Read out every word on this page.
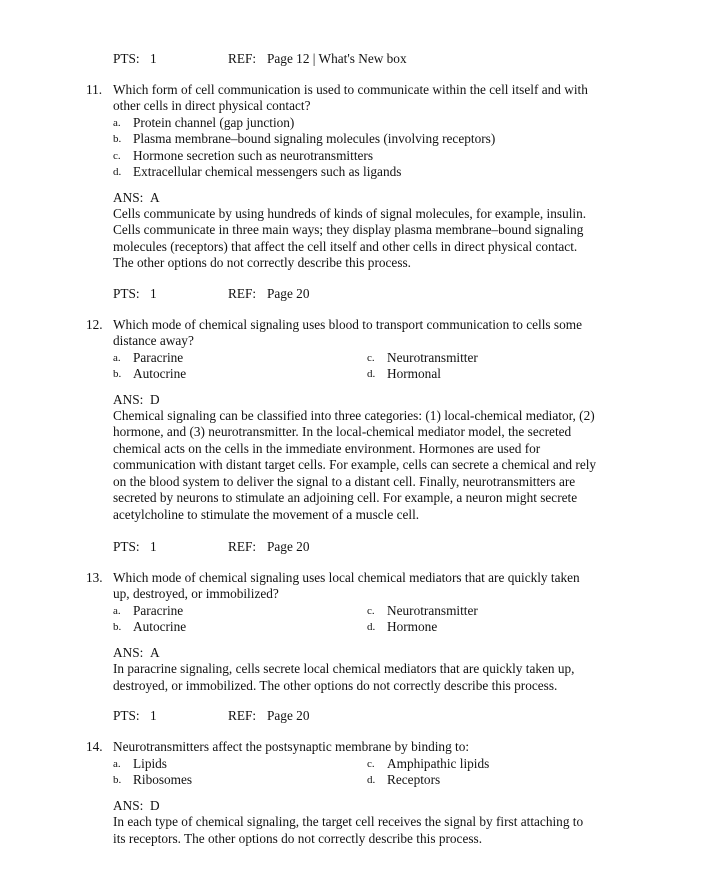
PTS: 1	REF: Page 12 | What's New box
11. Which form of cell communication is used to communicate within the cell itself and with
other cells in direct physical contact?
a. Protein channel (gap junction)
b. Plasma membrane–bound signaling molecules (involving receptors)
c. Hormone secretion such as neurotransmitters
d. Extracellular chemical messengers such as ligands
ANS: A
Cells communicate by using hundreds of kinds of signal molecules, for example, insulin.
Cells communicate in three main ways; they display plasma membrane–bound signaling
molecules (receptors) that affect the cell itself and other cells in direct physical contact.
The other options do not correctly describe this process.
PTS: 1	REF: Page 20
12. Which mode of chemical signaling uses blood to transport communication to cells some
distance away?
a. Paracrine	c. Neurotransmitter
b. Autocrine	d. Hormonal
ANS: D
Chemical signaling can be classified into three categories: (1) local-chemical mediator, (2)
hormone, and (3) neurotransmitter. In the local-chemical mediator model, the secreted
chemical acts on the cells in the immediate environment. Hormones are used for
communication with distant target cells. For example, cells can secrete a chemical and rely
on the blood system to deliver the signal to a distant cell. Finally, neurotransmitters are
secreted by neurons to stimulate an adjoining cell. For example, a neuron might secrete
acetylcholine to stimulate the movement of a muscle cell.
PTS: 1	REF: Page 20
13. Which mode of chemical signaling uses local chemical mediators that are quickly taken
up, destroyed, or immobilized?
a. Paracrine	c. Neurotransmitter
b. Autocrine	d. Hormone
ANS: A
In paracrine signaling, cells secrete local chemical mediators that are quickly taken up,
destroyed, or immobilized. The other options do not correctly describe this process.
PTS: 1	REF: Page 20
14. Neurotransmitters affect the postsynaptic membrane by binding to:
a. Lipids	c. Amphipathic lipids
b. Ribosomes	d. Receptors
ANS: D
In each type of chemical signaling, the target cell receives the signal by first attaching to
its receptors. The other options do not correctly describe this process.
